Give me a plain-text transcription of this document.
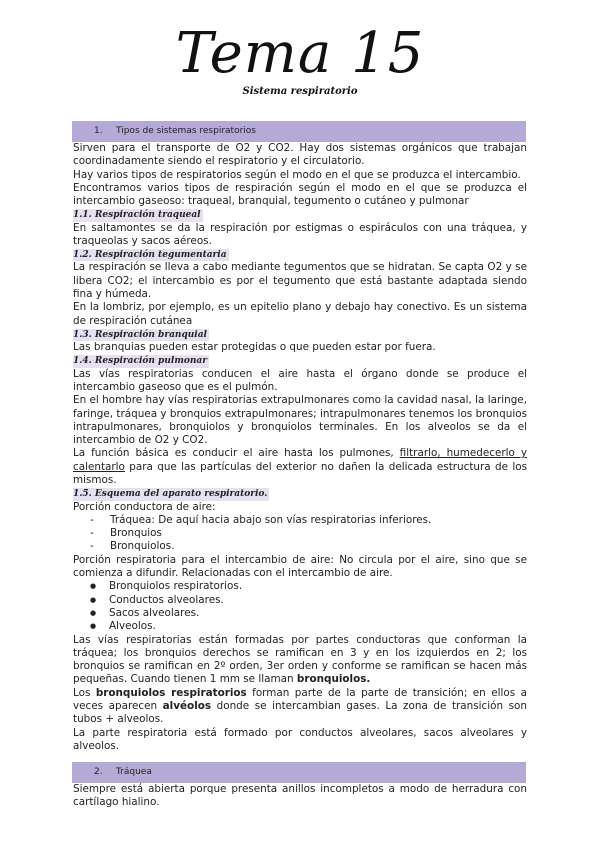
Tema 15
Sistema respiratorio
1. Tipos de sistemas respiratorios

Sirven para el transporte de O2 y CO2. Hay dos sistemas orgánicos que trabajan coordinadamente siendo el respiratorio y el circulatorio.

Hay varios tipos de respiratorios según el modo en el que se produzca el intercambio.

Encontramos varios tipos de respiración según el modo en el que se produzca el intercambio gaseoso: traqueal, branquial, tegumento o cutáneo y pulmonar

1.1. Respiración traqueal

En saltamontes se da la respiración por estigmas o espiráculos con una tráquea, y traqueolas y sacos aéreos.

1.2. Respiración tegumentaria

La respiración se lleva a cabo mediante tegumentos que se hidratan. Se capta O2 y se libera CO2; el intercambio es por el tegumento que está bastante adaptada siendo fina y húmeda.

En la lombriz, por ejemplo, es un epitelio plano y debajo hay conectivo. Es un sistema de respiración cutánea

1.3. Respiración branquial

Las branquias pueden estar protegidas o que pueden estar por fuera.

1.4. Respiración pulmonar

Las vías respiratorias conducen el aire hasta el órgano donde se produce el intercambio gaseoso que es el pulmón.

En el hombre hay vías respiratorias extrapulmonares como la cavidad nasal, la laringe, faringe, tráquea y bronquios extrapulmonares; intrapulmonares tenemos los bronquios intrapulmonares, bronquiolos y bronquiolos terminales. En los alveolos se da el intercambio de O2 y CO2.

La función básica es conducir el aire hasta los pulmones, filtrarlo, humedecerlo y calentarlo para que las partículas del exterior no dañen la delicada estructura de los mismos.

1.5. Esquema del aparato respiratorio.

Porción conductora de aire:

- Tráquea: De aquí hacia abajo son vías respiratorias inferiores.
- Bronquios
- Bronquiolos.

Porción respiratoria para el intercambio de aire: No circula por el aire, sino que se comienza a difundir. Relacionadas con el intercambio de aire.

● Bronquiolos respiratorios.
● Conductos alveolares.
● Sacos alveolares.
● Alveolos.

Las vías respiratorias están formadas por partes conductoras que conforman la tráquea; los bronquios derechos se ramifican en 3 y en los izquierdos en 2; los bronquios se ramifican en 2º orden, 3er orden y conforme se ramifican se hacen más pequeñas. Cuando tienen 1 mm se llaman bronquiolos.

Los bronquiolos respiratorios forman parte de la parte de transición; en ellos a veces aparecen alvéolos donde se intercambian gases. La zona de transición son tubos + alveolos.

La parte respiratoria está formado por conductos alveolares, sacos alveolares y alveolos.

2. Tráquea

Siempre está abierta porque presenta anillos incompletos a modo de herradura con cartílago hialino.
